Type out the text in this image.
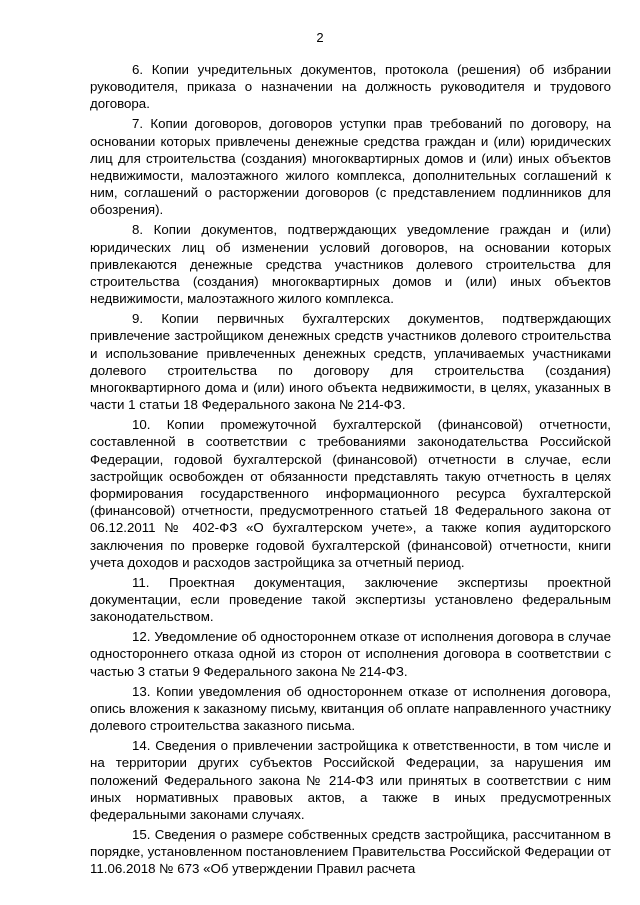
2

6. Копии учредительных документов, протокола (решения) об избрании руководителя, приказа о назначении на должность руководителя и трудового договора.

7. Копии договоров, договоров уступки прав требований по договору, на основании которых привлечены денежные средства граждан и (или) юридических лиц для строительства (создания) многоквартирных домов и (или) иных объектов недвижимости, малоэтажного жилого комплекса, дополнительных соглашений к ним, соглашений о расторжении договоров (с представлением подлинников для обозрения).

8. Копии документов, подтверждающих уведомление граждан и (или) юридических лиц об изменении условий договоров, на основании которых привлекаются денежные средства участников долевого строительства для строительства (создания) многоквартирных домов и (или) иных объектов недвижимости, малоэтажного жилого комплекса.

9. Копии первичных бухгалтерских документов, подтверждающих привлечение застройщиком денежных средств участников долевого строительства и использование привлеченных денежных средств, уплачиваемых участниками долевого строительства по договору для строительства (создания) многоквартирного дома и (или) иного объекта недвижимости, в целях, указанных в части 1 статьи 18 Федерального закона № 214-ФЗ.

10. Копии промежуточной бухгалтерской (финансовой) отчетности, составленной в соответствии с требованиями законодательства Российской Федерации, годовой бухгалтерской (финансовой) отчетности в случае, если застройщик освобожден от обязанности представлять такую отчетность в целях формирования государственного информационного ресурса бухгалтерской (финансовой) отчетности, предусмотренного статьей 18 Федерального закона от 06.12.2011 № 402-ФЗ «О бухгалтерском учете», а также копия аудиторского заключения по проверке годовой бухгалтерской (финансовой) отчетности, книги учета доходов и расходов застройщика за отчетный период.

11. Проектная документация, заключение экспертизы проектной документации, если проведение такой экспертизы установлено федеральным законодательством.

12. Уведомление об одностороннем отказе от исполнения договора в случае одностороннего отказа одной из сторон от исполнения договора в соответствии с частью 3 статьи 9 Федерального закона № 214-ФЗ.

13. Копии уведомления об одностороннем отказе от исполнения договора, опись вложения к заказному письму, квитанция об оплате направленного участнику долевого строительства заказного письма.

14. Сведения о привлечении застройщика к ответственности, в том числе и на территории других субъектов Российской Федерации, за нарушения им положений Федерального закона № 214-ФЗ или принятых в соответствии с ним иных нормативных правовых актов, а также в иных предусмотренных федеральными законами случаях.

15. Сведения о размере собственных средств застройщика, рассчитанном в порядке, установленном постановлением Правительства Российской Федерации от 11.06.2018 № 673 «Об утверждении Правил расчета
